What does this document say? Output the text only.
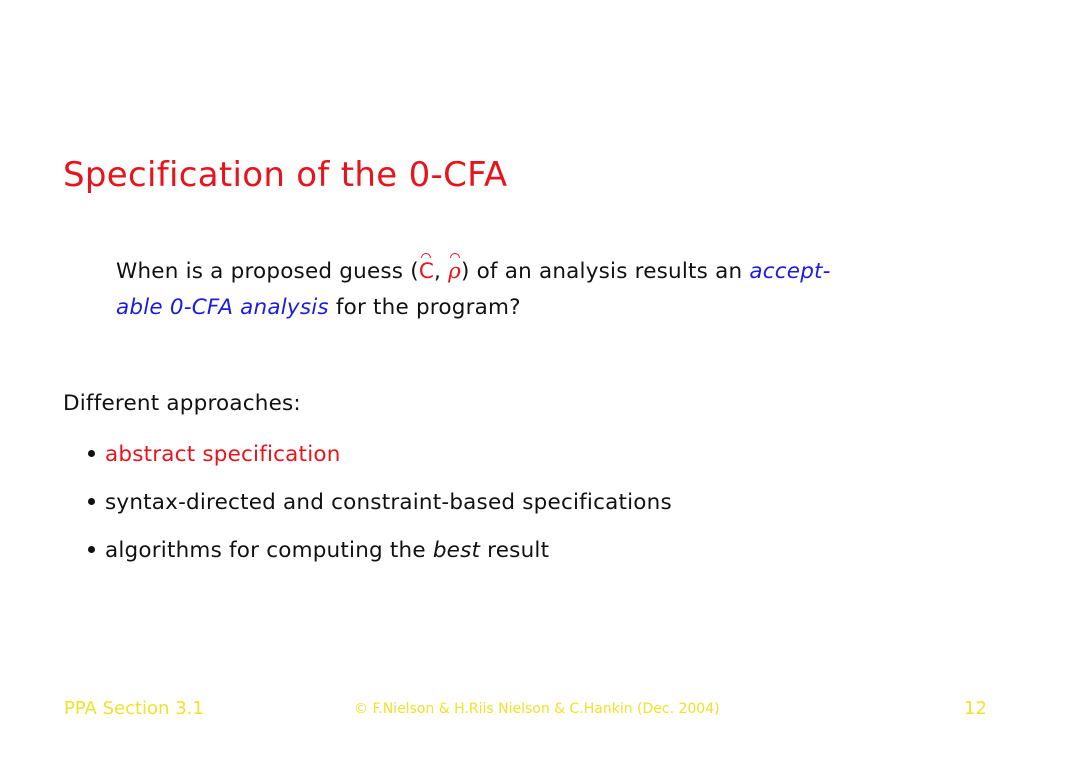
Specification of the 0-CFA
When is a proposed guess (C, ρ) of an analysis results an accept-
able 0-CFA analysis for the program?
Different approaches:
abstract specification
syntax-directed and constraint-based specifications
algorithms for computing the best result
PPA Section 3.1	© F.Nielson & H.Riis Nielson & C.Hankin (Dec. 2004)	12
